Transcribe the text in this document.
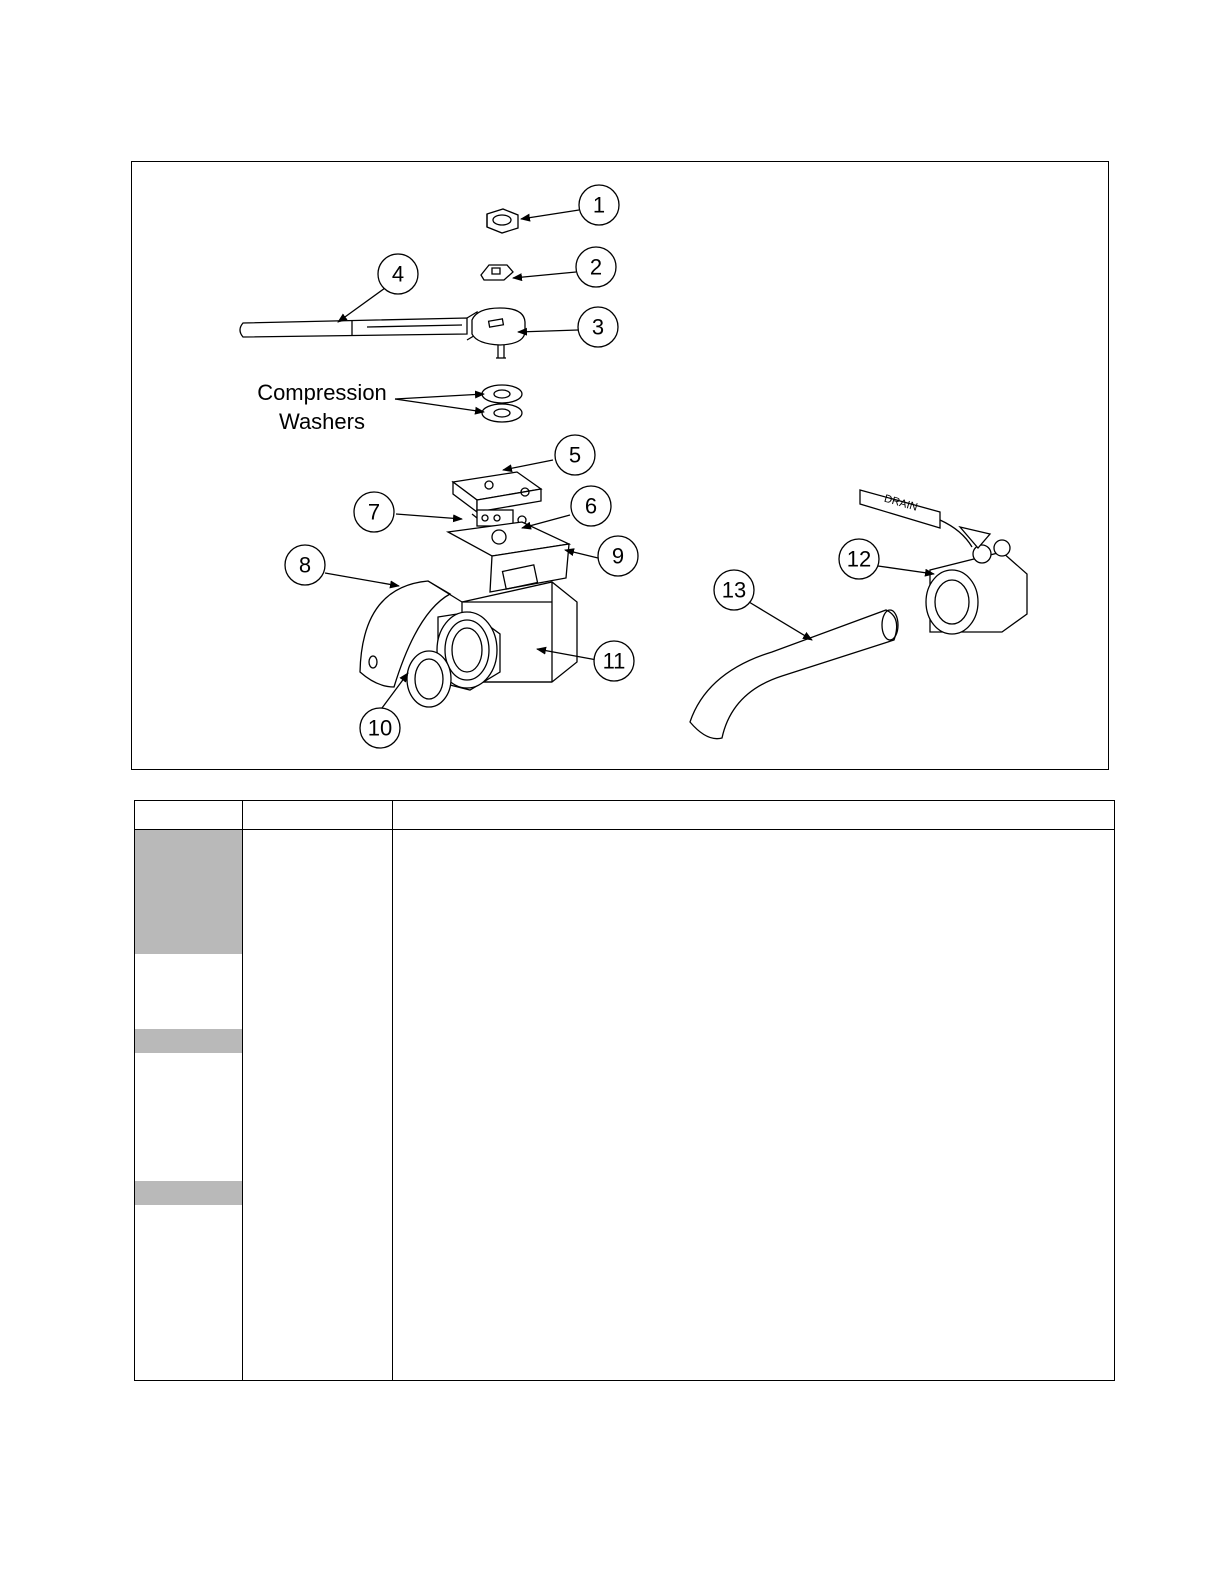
DRAIN
1
2
3
4
5
6
7
8	9
10
11
12
13
Compression
Washers
